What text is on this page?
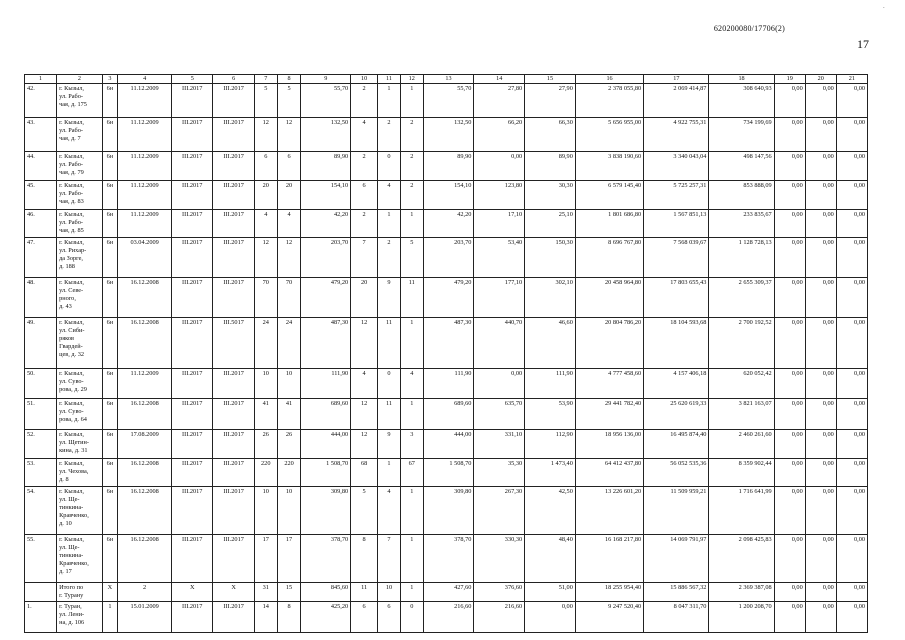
`
620200080/17706(2)
17
1	2	3	4	5	6	7	8	9	10	11	12	13	14	15	16	17	18	19	20	21
42.	г. Кызыл,
ул. Рабо-
чая, д. 175	6н	11.12.2009	III.2017	III.2017	5	5	55,70	2	1	1	55,70	27,80	27,90	2 378 055,80	2 069 414,87	308 640,93	0,00	0,00	0,00
43.	г. Кызыл,
ул. Рабо-
чая, д. 7	6н	11.12.2009	III.2017	III.2017	12	12	132,50	4	2	2	132,50	66,20	66,30	5 656 955,00	4 922 755,31	734 199,69	0,00	0,00	0,00
44.	г. Кызыл,
ул. Рабо-
чая, д. 79	6н	11.12.2009	III.2017	III.2017	6	6	89,90	2	0	2	89,90	0,00	89,90	3 838 190,60	3 340 043,04	498 147,56	0,00	0,00	0,00
45.	г. Кызыл,
ул. Рабо-
чая, д. 83	6н	11.12.2009	III.2017	III.2017	20	20	154,10	6	4	2	154,10	123,80	30,30	6 579 145,40	5 725 257,31	853 888,09	0,00	0,00	0,00
46.	г. Кызыл,
ул. Рабо-
чая, д. 85	6н	11.12.2009	III.2017	III.2017	4	4	42,20	2	1	1	42,20	17,10	25,10	1 801 686,80	1 567 851,13	233 835,67	0,00	0,00	0,00
47.	г. Кызыл,
ул. Рихар-
да Зорге,
д. 188	6н	03.04.2009	III.2017	III.2017	12	12	203,70	7	2	5	203,70	53,40	150,30	8 696 767,80	7 568 039,67	1 128 728,13	0,00	0,00	0,00
48.	г. Кызыл,
ул. Севе-
рного,
д. 43	6н	16.12.2008	III.2017	III.2017	70	70	479,20	20	9	11	479,20	177,10	302,10	20 458 964,80	17 803 655,43	2 655 309,37	0,00	0,00	0,00
49.	г. Кызыл,
ул. Сиби-
ряков
Гвардей-
цев, д. 32	6н	16.12.2008	III.2017	III.5017	24	24	487,30	12	11	1	487,30	440,70	46,60	20 804 786,20	18 104 593,68	2 700 192,52	0,00	0,00	0,00
50.	г. Кызыл,
ул. Суво-
рова, д. 29	6н	11.12.2009	III.2017	III.2017	10	10	111,90	4	0	4	111,90	0,00	111,90	4 777 458,60	4 157 406,18	620 052,42	0,00	0,00	0,00
51.	г. Кызыл,
ул. Суво-
рова, д. 64	6н	16.12.2008	III.2017	III.2017	41	41	689,60	12	11	1	689,60	635,70	53,90	29 441 782,40	25 620 619,33	3 821 163,07	0,00	0,00	0,00
52.	г. Кызыл,
ул. Щетин-
кина, д. 31	6н	17.08.2009	III.2017	III.2017	26	26	444,00	12	9	3	444,00	331,10	112,90	18 956 136,00	16 495 874,40	2 460 261,60	0,00	0,00	0,00
53.	г. Кызыл,
ул. Чехова,
д. 8	6н	16.12.2008	III.2017	III.2017	220	220	1 508,70	68	1	67	1 508,70	35,30	1 473,40	64 412 437,80	56 052 535,36	8 359 902,44	0,00	0,00	0,00
54.	г. Кызыл,
ул. Ще-
тинкина-
Кравченко,
д. 10	6н	16.12.2008	III.2017	III.2017	10	10	309,80	5	4	1	309,80	267,30	42,50	13 226 601,20	11 509 959,21	1 716 641,99	0,00	0,00	0,00
55.	г. Кызыл,
ул. Ще-
тинкина-
Кравченко,
д. 17	6н	16.12.2008	III.2017	III.2017	17	17	378,70	8	7	1	378,70	330,30	48,40	16 168 217,80	14 069 791,97	2 098 425,83	0,00	0,00	0,00
	Итого по
г. Турану	X	2	X	X	31	15	845,60	11	10	1	427,60	376,60	51,00	18 255 954,40	15 886 567,32	2 369 387,08	0,00	0,00	0,00
1.	г. Туран,
ул. Лени-
на, д. 106	1	15.01.2009	III.2017	III.2017	14	8	425,20	6	6	0	216,60	216,60	0,00	9 247 520,40	8 047 311,70	1 200 208,70	0,00	0,00	0,00
